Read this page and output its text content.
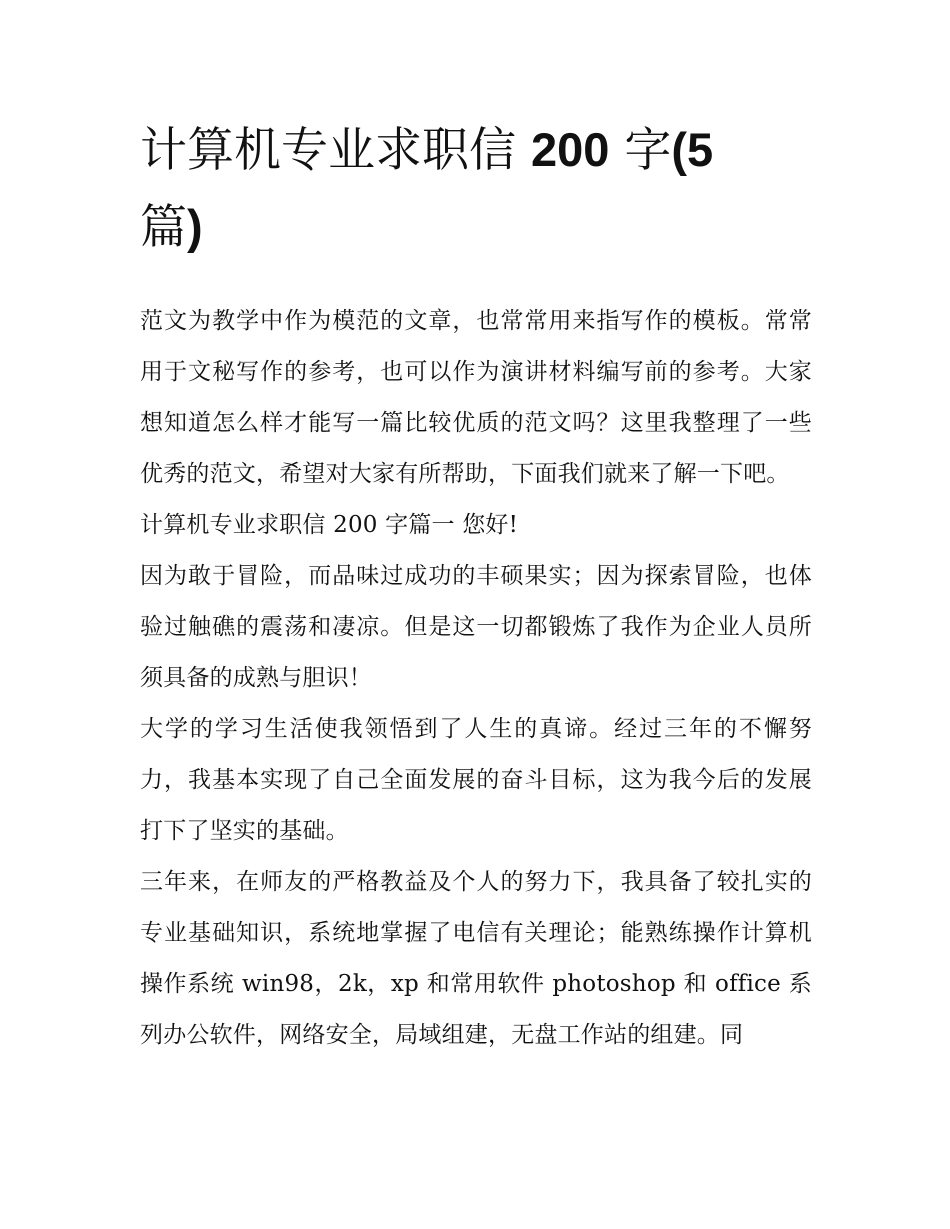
计算机专业求职信 200 字(5
篇)

范文为教学中作为模范的文章，也常常用来指写作的模板。常常用于文秘写作的参考，也可以作为演讲材料编写前的参考。大家想知道怎么样才能写一篇比较优质的范文吗？这里我整理了一些优秀的范文，希望对大家有所帮助，下面我们就来了解一下吧。

计算机专业求职信 200 字篇一 您好!

因为敢于冒险，而品味过成功的丰硕果实；因为探索冒险，也体验过触礁的震荡和凄凉。但是这一切都锻炼了我作为企业人员所须具备的成熟与胆识！

大学的学习生活使我领悟到了人生的真谛。经过三年的不懈努力，我基本实现了自己全面发展的奋斗目标，这为我今后的发展打下了坚实的基础。

三年来，在师友的严格教益及个人的努力下，我具备了较扎实的专业基础知识，系统地掌握了电信有关理论；能熟练操作计算机操作系统 win98，2k，xp 和常用软件 photoshop 和 office 系列办公软件，网络安全，局域组建，无盘工作站的组建。同
